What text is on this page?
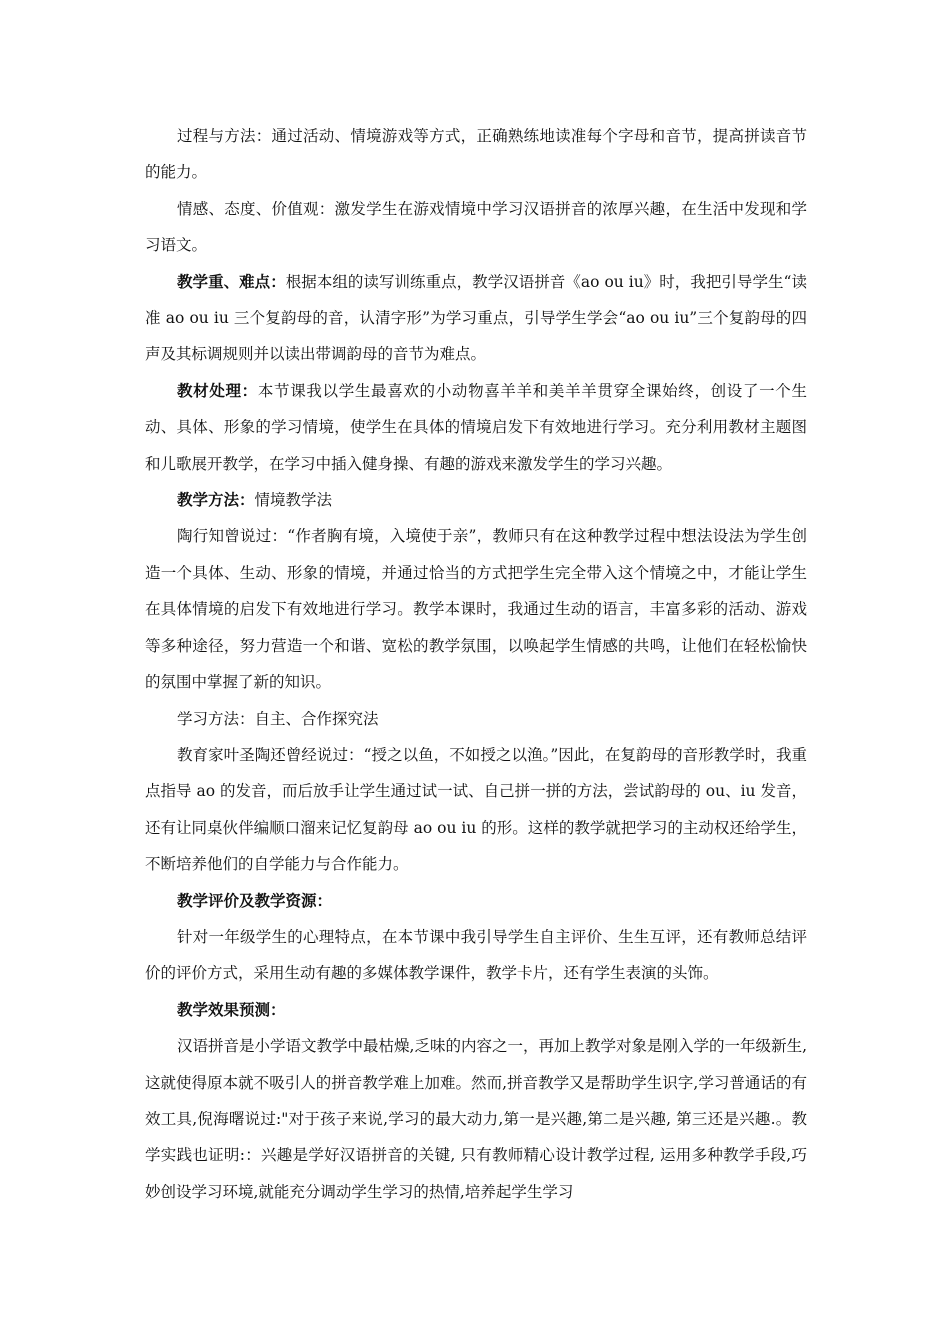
过程与方法：通过活动、情境游戏等方式，正确熟练地读准每个字母和音节，提高拼读音节的能力。

情感、态度、价值观：激发学生在游戏情境中学习汉语拼音的浓厚兴趣，在生活中发现和学习语文。

教学重、难点：根据本组的读写训练重点，教学汉语拼音《ao ou iu》时，我把引导学生“读准 ao ou iu 三个复韵母的音，认清字形”为学习重点，引导学生学会“ao ou iu”三个复韵母的四声及其标调规则并以读出带调韵母的音节为难点。

教材处理：本节课我以学生最喜欢的小动物喜羊羊和美羊羊贯穿全课始终，创设了一个生动、具体、形象的学习情境，使学生在具体的情境启发下有效地进行学习。充分利用教材主题图和儿歌展开教学，在学习中插入健身操、有趣的游戏来激发学生的学习兴趣。

教学方法：情境教学法

陶行知曾说过：“作者胸有境，入境使于亲”，教师只有在这种教学过程中想法设法为学生创造一个具体、生动、形象的情境，并通过恰当的方式把学生完全带入这个情境之中，才能让学生在具体情境的启发下有效地进行学习。教学本课时，我通过生动的语言，丰富多彩的活动、游戏等多种途径，努力营造一个和谐、宽松的教学氛围，以唤起学生情感的共鸣，让他们在轻松愉快的氛围中掌握了新的知识。

学习方法：自主、合作探究法

教育家叶圣陶还曾经说过：“授之以鱼，不如授之以渔。”因此，在复韵母的音形教学时，我重点指导 ao 的发音，而后放手让学生通过试一试、自己拼一拼的方法，尝试韵母的 ou、iu 发音，还有让同桌伙伴编顺口溜来记忆复韵母 ao ou iu 的形。这样的教学就把学习的主动权还给学生，不断培养他们的自学能力与合作能力。

教学评价及教学资源：

针对一年级学生的心理特点，在本节课中我引导学生自主评价、生生互评，还有教师总结评价的评价方式，采用生动有趣的多媒体教学课件，教学卡片，还有学生表演的头饰。

教学效果预测：

汉语拼音是小学语文教学中最枯燥,乏味的内容之一，再加上教学对象是刚入学的一年级新生,这就使得原本就不吸引人的拼音教学难上加难。然而,拼音教学又是帮助学生识字,学习普通话的有效工具,倪海曙说过:"对于孩子来说,学习的最大动力,第一是兴趣,第二是兴趣, 第三还是兴趣.。教学实践也证明:：兴趣是学好汉语拼音的关键, 只有教师精心设计教学过程, 运用多种教学手段,巧妙创设学习环境,就能充分调动学生学习的热情,培养起学生学习
